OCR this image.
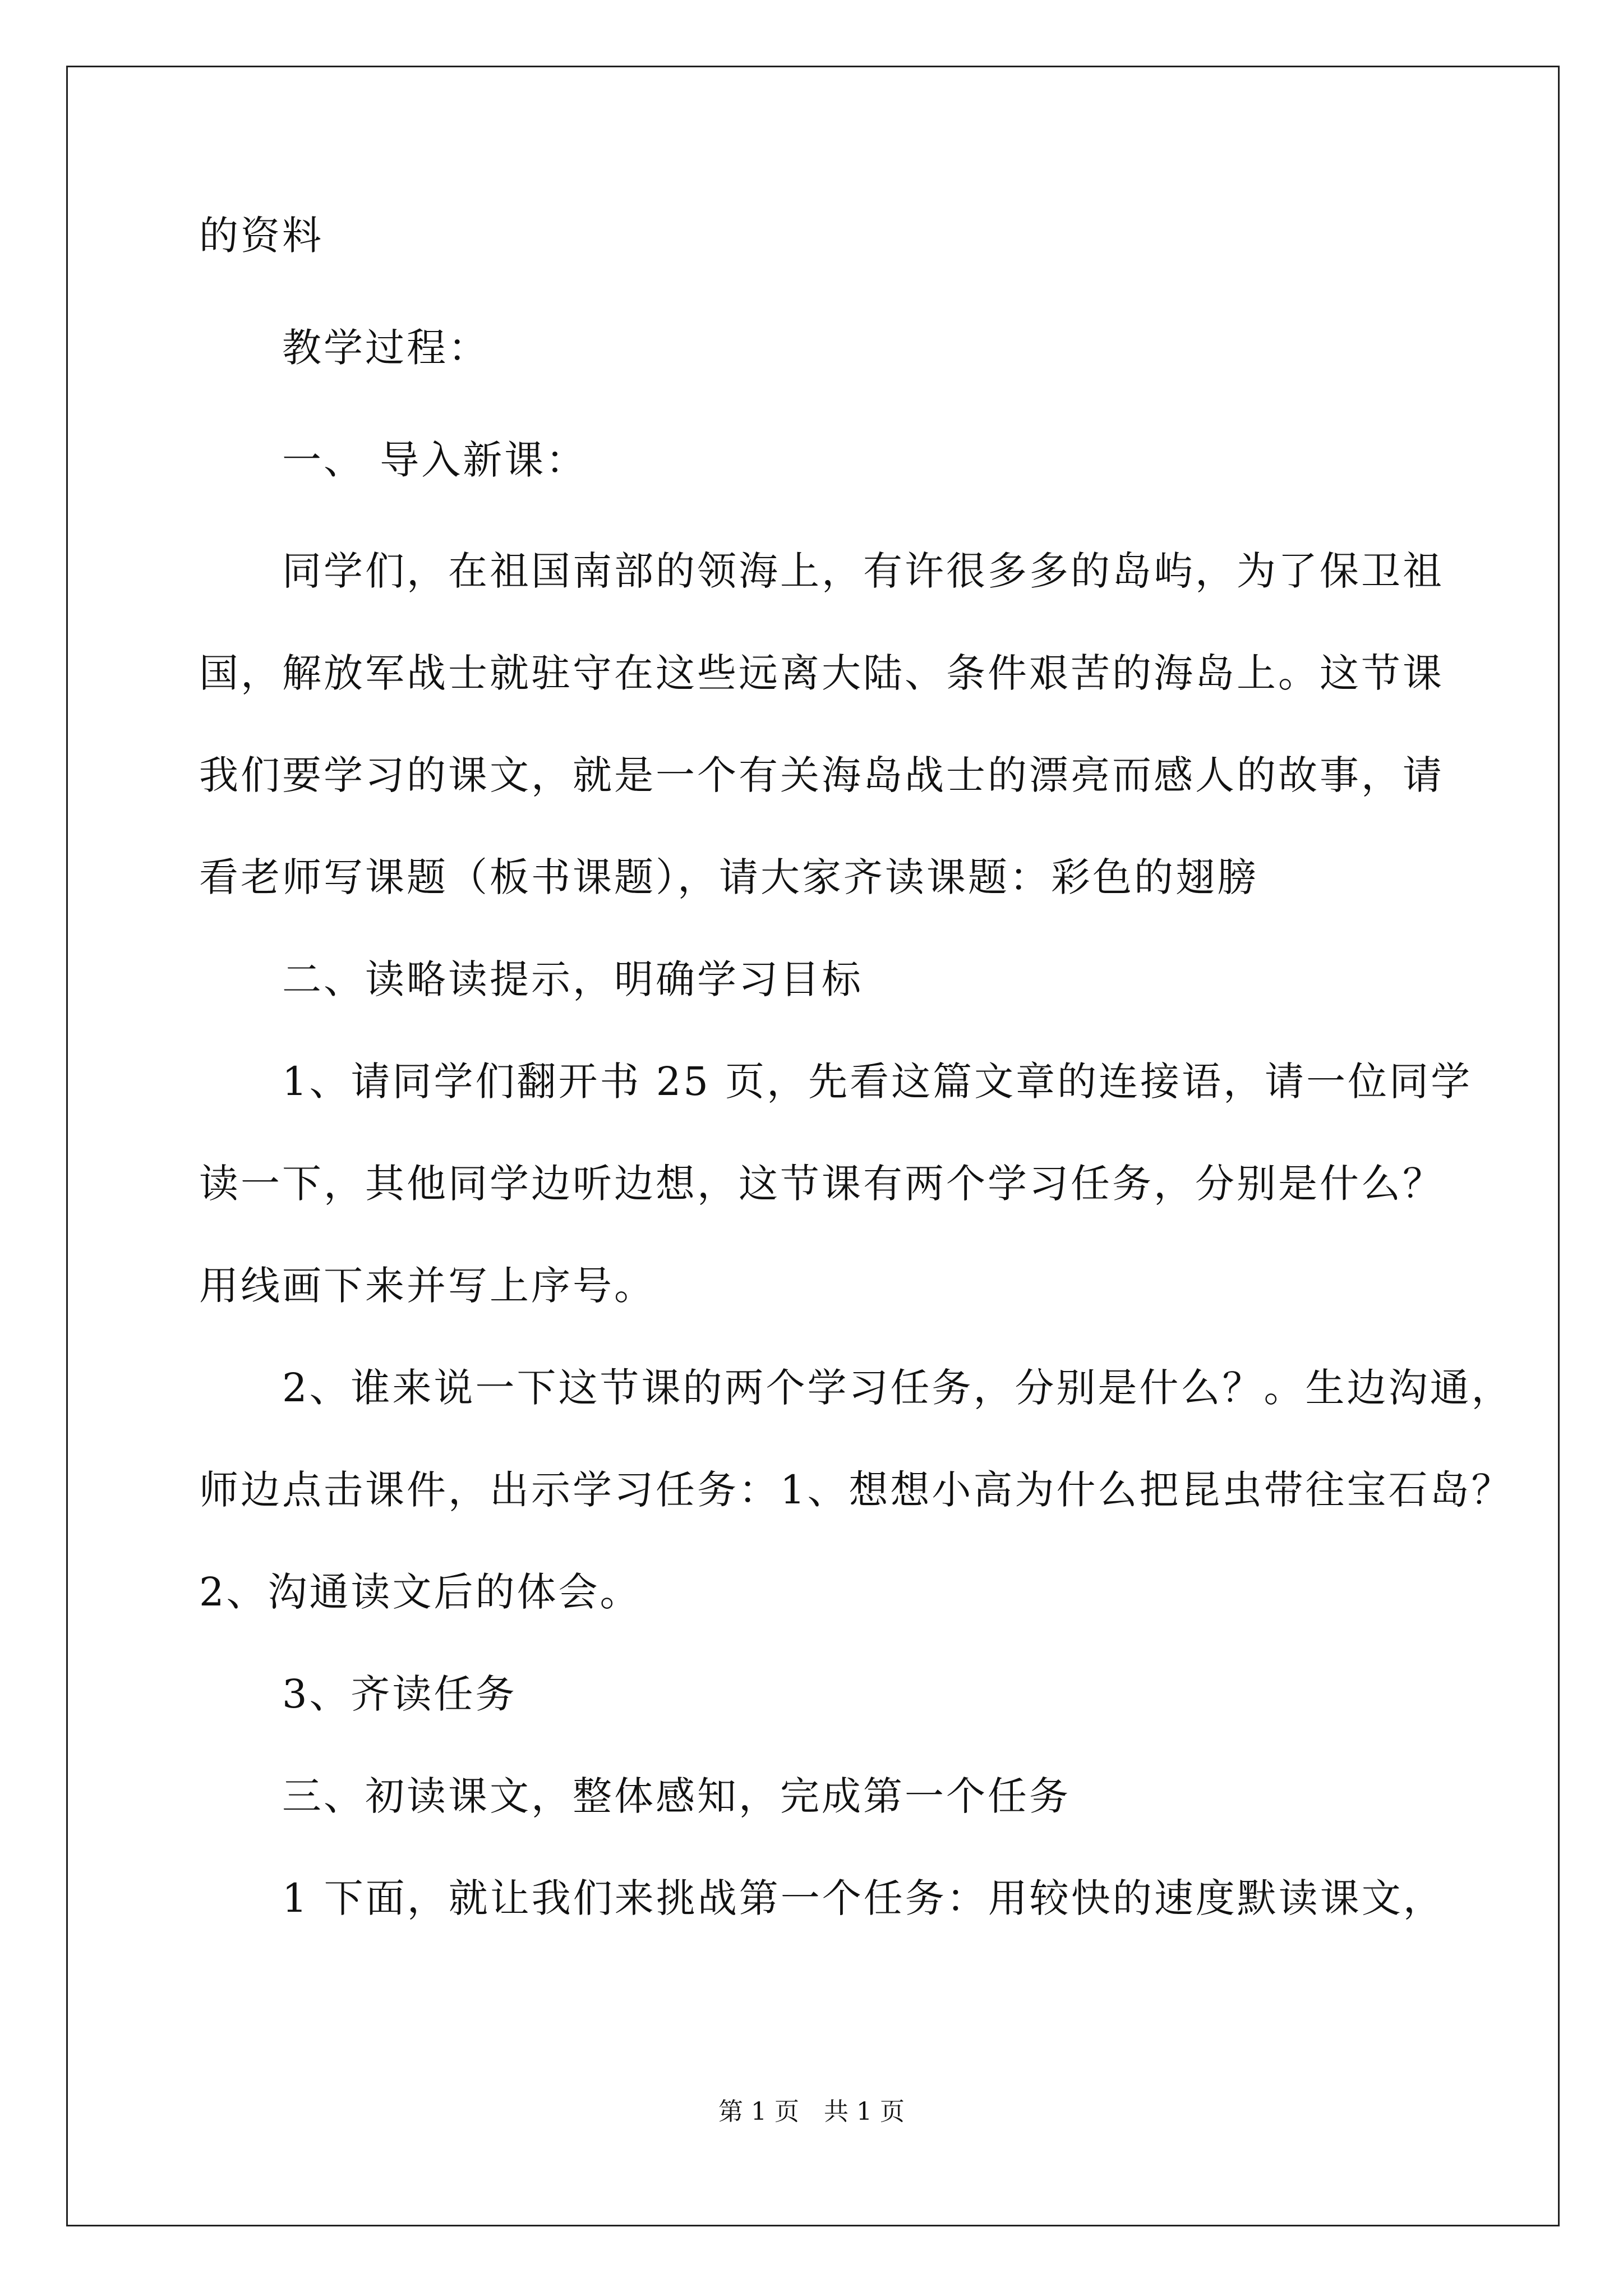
的资料
教学过程：
一、 导入新课：
同学们，在祖国南部的领海上，有许很多多的岛屿，为了保卫祖
国，解放军战士就驻守在这些远离大陆、条件艰苦的海岛上。这节课
我们要学习的课文，就是一个有关海岛战士的漂亮而感人的故事，请
看老师写课题（板书课题），请大家齐读课题：彩色的翅膀
二、读略读提示，明确学习目标
1、请同学们翻开书 25 页，先看这篇文章的连接语，请一位同学
读一下，其他同学边听边想，这节课有两个学习任务，分别是什么？
用线画下来并写上序号。
2、谁来说一下这节课的两个学习任务，分别是什么？。生边沟通，
师边点击课件，出示学习任务：1、想想小高为什么把昆虫带往宝石岛？
2、沟通读文后的体会。
3、齐读任务
三、初读课文，整体感知，完成第一个任务
1 下面，就让我们来挑战第一个任务：用较快的速度默读课文，
第 1 页　共 1 页
